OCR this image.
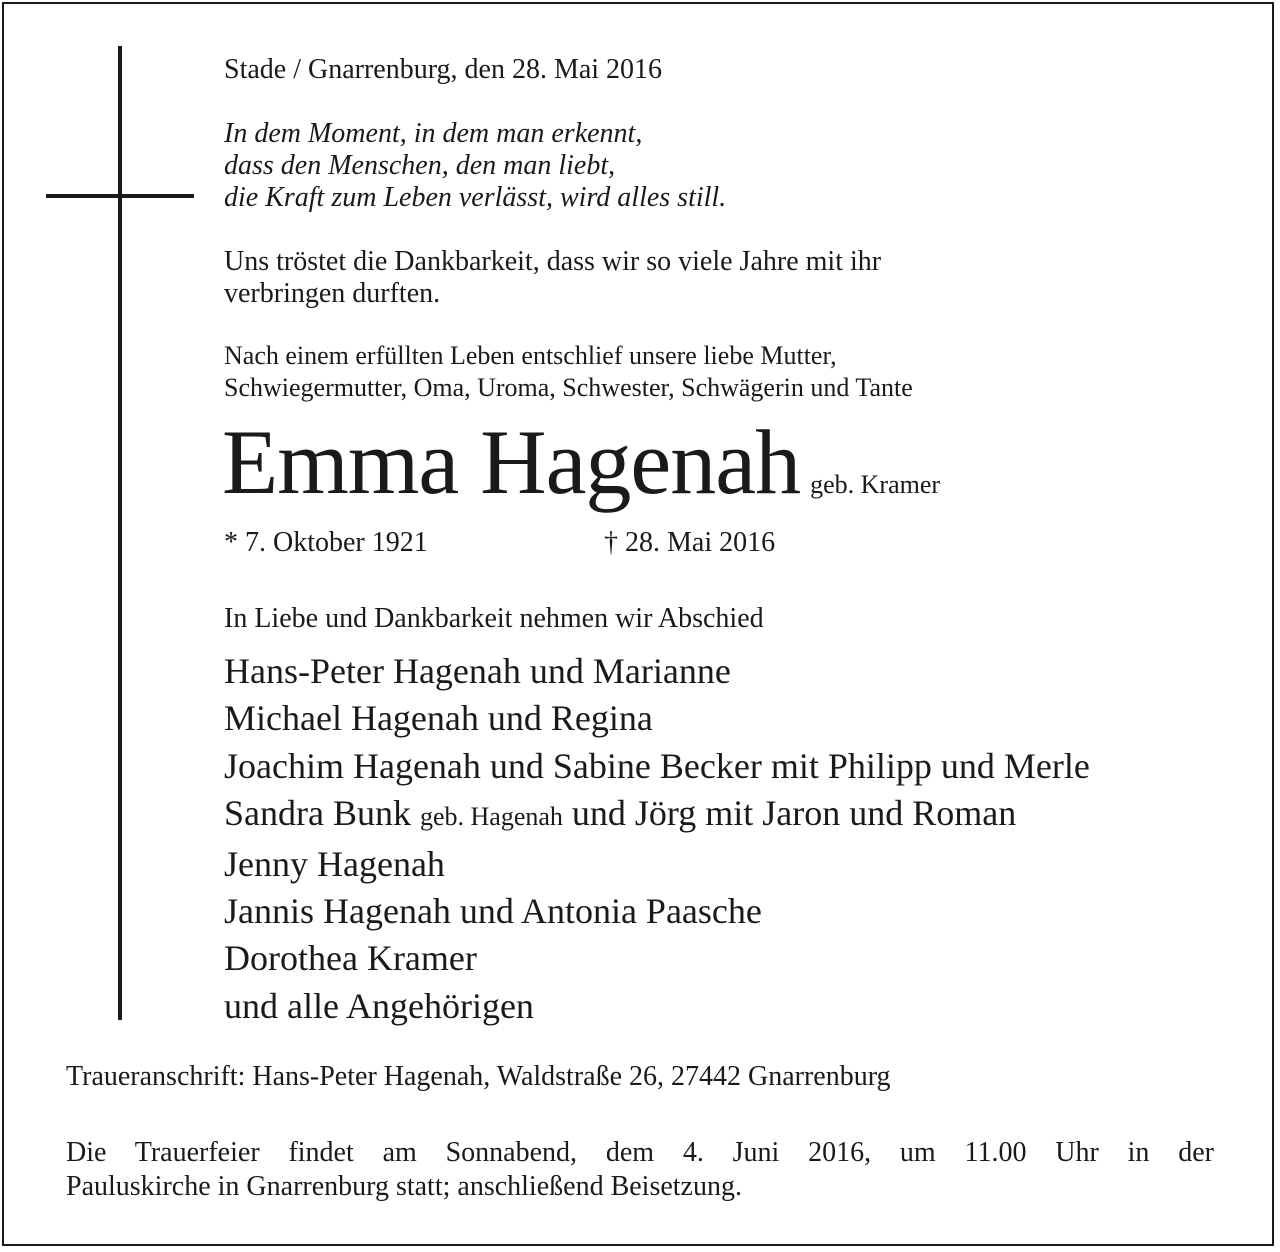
Stade / Gnarrenburg, den 28. Mai 2016

In dem Moment, in dem man erkennt,
dass den Menschen, den man liebt,
die Kraft zum Leben verlässt, wird alles still.

Uns tröstet die Dankbarkeit, dass wir so viele Jahre mit ihr
verbringen durften.

Nach einem erfüllten Leben entschlief unsere liebe Mutter,
Schwiegermutter, Oma, Uroma, Schwester, Schwägerin und Tante

Emma Hagenah geb. Kramer

* 7. Oktober 1921	† 28. Mai 2016

In Liebe und Dankbarkeit nehmen wir Abschied

Hans-Peter Hagenah und Marianne
Michael Hagenah und Regina
Joachim Hagenah und Sabine Becker mit Philipp und Merle
Sandra Bunk geb. Hagenah und Jörg mit Jaron und Roman
Jenny Hagenah
Jannis Hagenah und Antonia Paasche
Dorothea Kramer
und alle Angehörigen

Traueranschrift: Hans-Peter Hagenah, Waldstraße 26, 27442 Gnarrenburg

Die Trauerfeier findet am Sonnabend, dem 4. Juni 2016, um 11.00 Uhr in der
Pauluskirche in Gnarrenburg statt; anschließend Beisetzung.
